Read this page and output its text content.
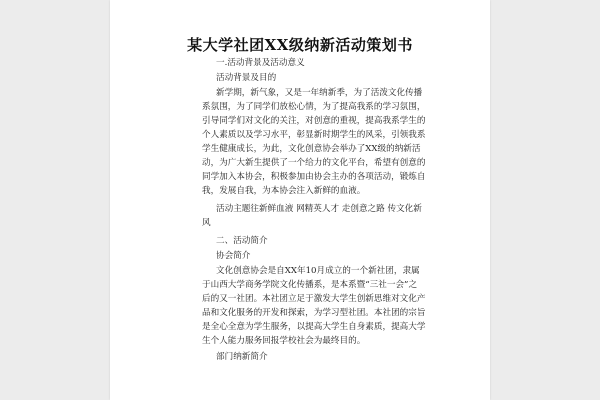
某大学社团XX级纳新活动策划书
一.活动背景及活动意义
活动背景及目的
新学期，新气象，又是一年纳新季，为了活泼文化传播
系氛围，为了同学们放松心情，为了提高我系的学习氛围，
引导同学们对文化的关注，对创意的重视，提高我系学生的
个人素质以及学习水平，彰显新时期学生的风采，引领我系
学生健康成长，为此，文化创意协会举办了XX级的纳新活
动，为广大新生提供了一个给力的文化平台，希望有创意的
同学加入本协会，积极参加由协会主办的各项活动，锻炼自
我，发展自我，为本协会注入新鲜的血液。
活动主题往新鲜血液 网精英人才 走创意之路 传文化新
风
二、活动简介
协会简介
文化创意协会是自XX年10月成立的一个新社团，隶属
于山西大学商务学院文化传播系，是本系暨“三社一会”之
后的又一社团。本社团立足于激发大学生创新思维对文化产
品和文化服务的开发和探索，为学习型社团。本社团的宗旨
是全心全意为学生服务，以提高大学生自身素质，提高大学
生个人能力服务回报学校社会为最终目的。
部门纳新简介
